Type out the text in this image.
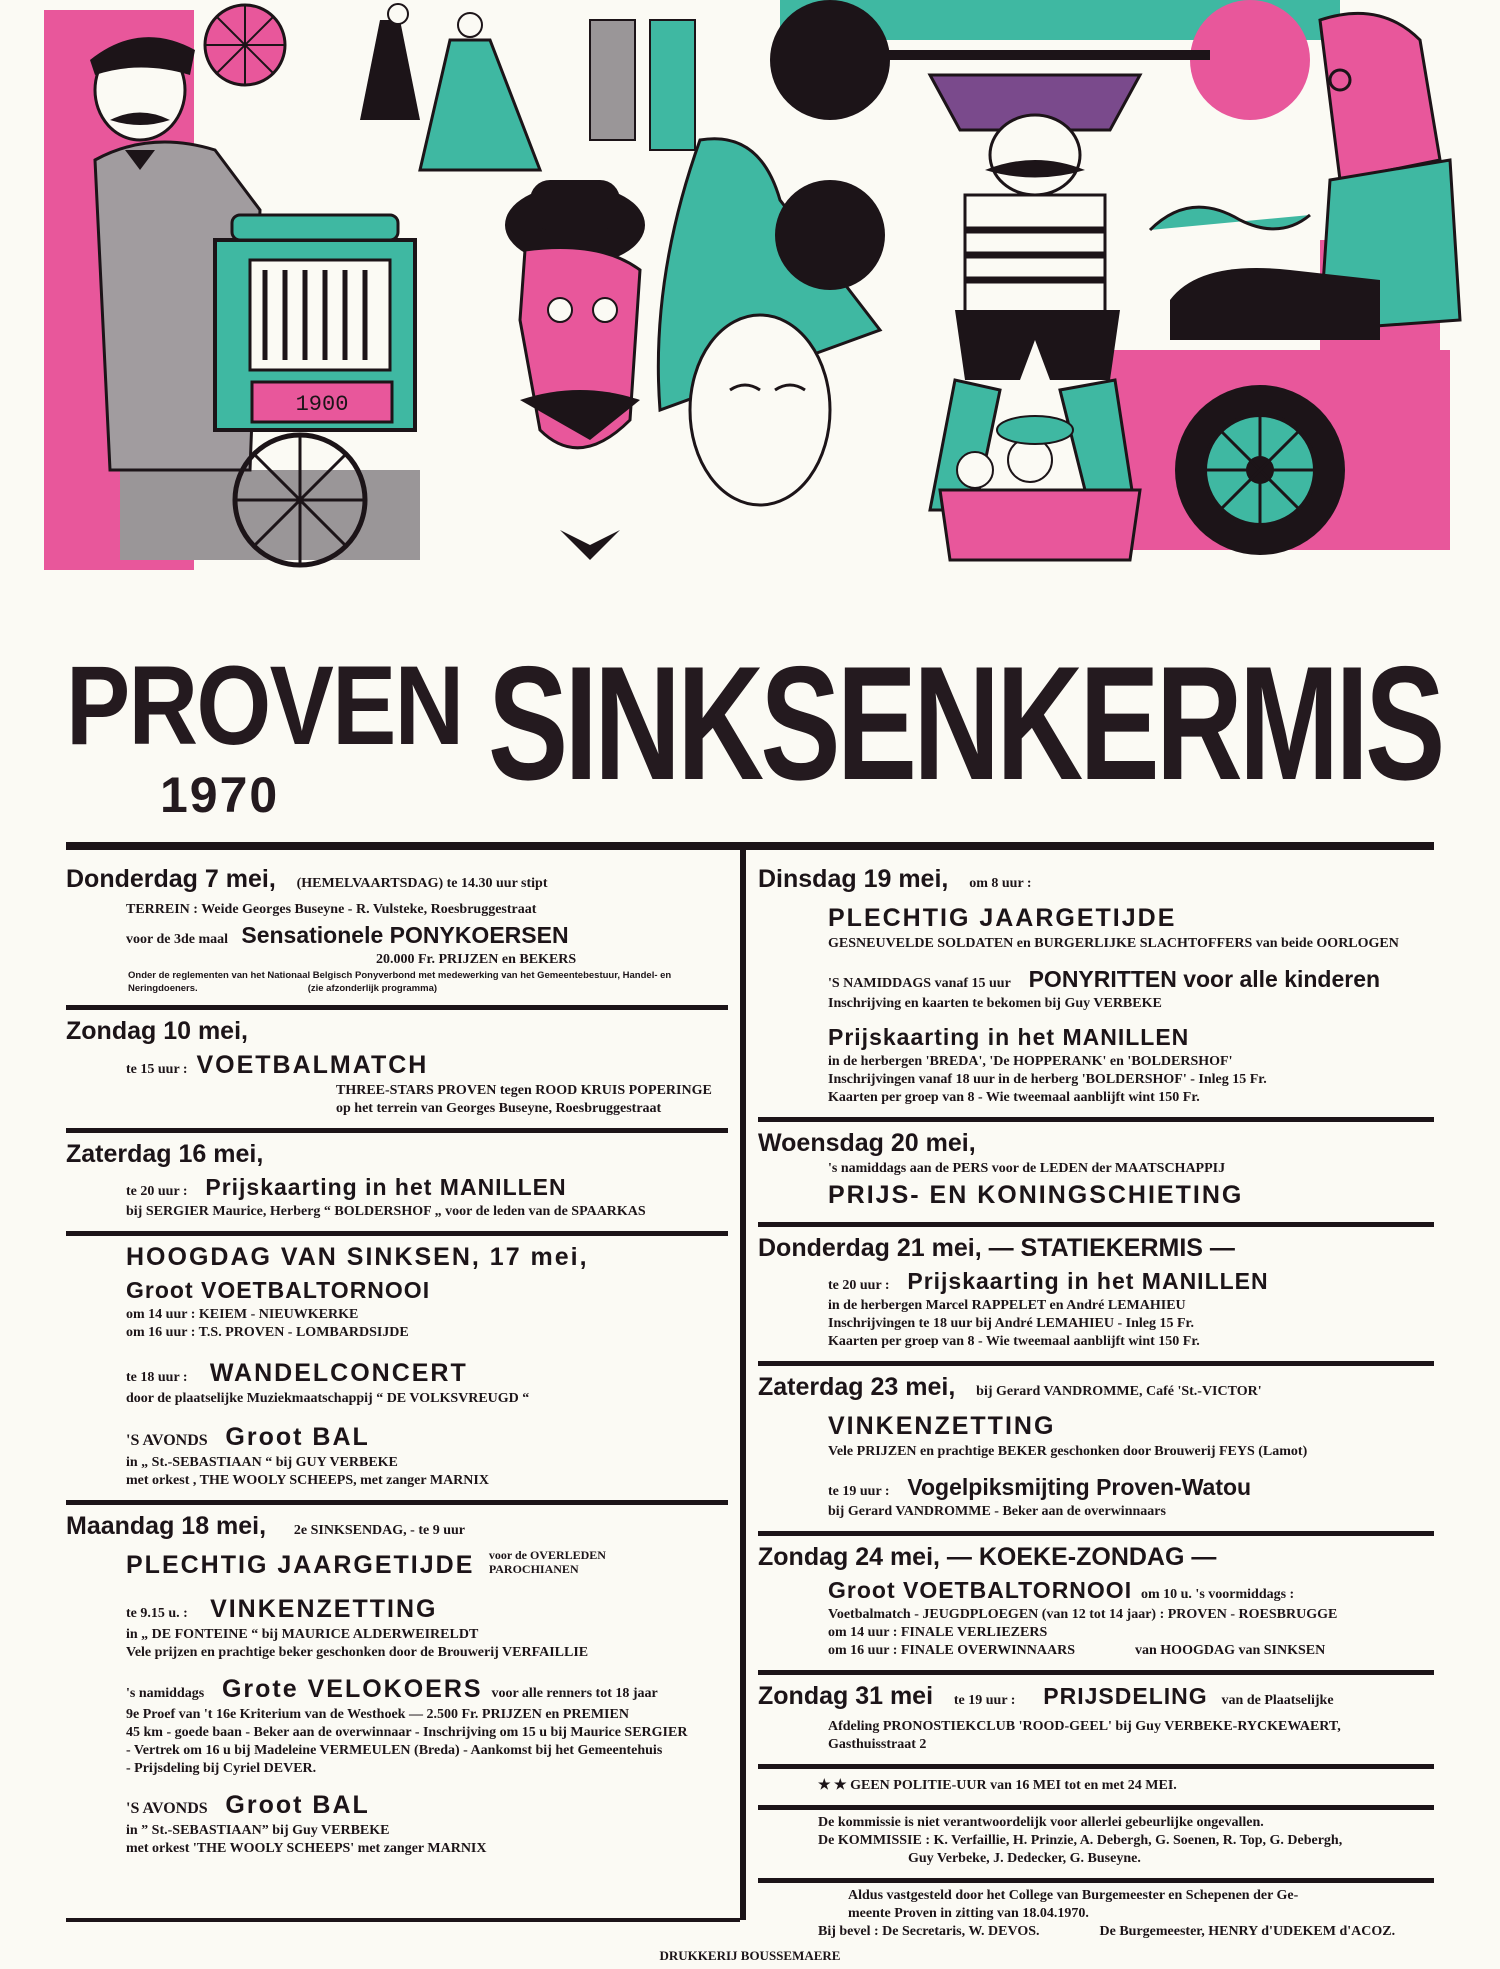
1900
PROVEN
1970 SINKSENKERMIS
Donderdag 7 mei, (HEMELVAARTSDAG) te 14.30 uur stipt
TERREIN : Weide Georges Buseyne - R. Vulsteke, Roesbruggestraat
voor de 3de maal Sensationele PONYKOERSEN
20.000 Fr. PRIJZEN en BEKERS
Onder de reglementen van het Nationaal Belgisch Ponyverbond met medewerking van het Gemeentebestuur, Handel- en
Neringdoeners.	(zie afzonderlijk programma)
Zondag 10 mei,
te 15 uur : VOETBALMATCH
THREE-STARS PROVEN tegen ROOD KRUIS POPERINGE
op het terrein van Georges Buseyne, Roesbruggestraat
Zaterdag 16 mei,
te 20 uur : Prijskaarting in het MANILLEN
bij SERGIER Maurice, Herberg “ BOLDERSHOF „ voor de leden van de SPAARKAS
HOOGDAG VAN SINKSEN, 17 mei,
Groot VOETBALTORNOOI
om 14 uur : KEIEM - NIEUWKERKE
om 16 uur : T.S. PROVEN - LOMBARDSIJDE
te 18 uur : WANDELCONCERT
door de plaatselijke Muziekmaatschappij “ DE VOLKSVREUGD “
'S AVONDS Groot BAL
in „ St.-SEBASTIAAN “ bij GUY VERBEKE
met orkest , THE WOOLY SCHEEPS, met zanger MARNIX
Maandag 18 mei, 2e SINKSENDAG, - te 9 uur
PLECHTIG JAARGETIJDE voor de OVERLEDEN
PAROCHIANEN
te 9.15 u. : VINKENZETTING
in „ DE FONTEINE “ bij MAURICE ALDERWEIRELDT
Vele prijzen en prachtige beker geschonken door de Brouwerij VERFAILLIE
's namiddags Grote VELOKOERS voor alle renners tot 18 jaar
9e Proef van 't 16e Kriterium van de Westhoek — 2.500 Fr. PRIJZEN en PREMIEN
45 km - goede baan - Beker aan de overwinnaar - Inschrijving om 15 u bij Maurice SERGIER
- Vertrek om 16 u bij Madeleine VERMEULEN (Breda) - Aankomst bij het Gemeentehuis
- Prijsdeling bij Cyriel DEVER.
'S AVONDS Groot BAL
in ” St.-SEBASTIAAN” bij Guy VERBEKE
met orkest 'THE WOOLY SCHEEPS' met zanger MARNIX
Dinsdag 19 mei, om 8 uur :
PLECHTIG JAARGETIJDE
GESNEUVELDE SOLDATEN en BURGERLIJKE SLACHTOFFERS van beide OORLOGEN
'S NAMIDDAGS vanaf 15 uur PONYRITTEN voor alle kinderen
Inschrijving en kaarten te bekomen bij Guy VERBEKE
Prijskaarting in het MANILLEN
in de herbergen 'BREDA', 'De HOPPERANK' en 'BOLDERSHOF'
Inschrijvingen vanaf 18 uur in de herberg 'BOLDERSHOF' - Inleg 15 Fr.
Kaarten per groep van 8 - Wie tweemaal aanblijft wint 150 Fr.
Woensdag 20 mei,
's namiddags aan de PERS voor de LEDEN der MAATSCHAPPIJ
PRIJS- EN KONINGSCHIETING
Donderdag 21 mei, — STATIEKERMIS —
te 20 uur : Prijskaarting in het MANILLEN
in de herbergen Marcel RAPPELET en André LEMAHIEU
Inschrijvingen te 18 uur bij André LEMAHIEU - Inleg 15 Fr.
Kaarten per groep van 8 - Wie tweemaal aanblijft wint 150 Fr.
Zaterdag 23 mei, bij Gerard VANDROMME, Café 'St.-VICTOR'
VINKENZETTING
Vele PRIJZEN en prachtige BEKER geschonken door Brouwerij FEYS (Lamot)
te 19 uur : Vogelpiksmijting Proven-Watou
bij Gerard VANDROMME - Beker aan de overwinnaars
Zondag 24 mei, — KOEKE-ZONDAG —
Groot VOETBALTORNOOI om 10 u. 's voormiddags :
Voetbalmatch - JEUGDPLOEGEN (van 12 tot 14 jaar) : PROVEN - ROESBRUGGE
om 14 uur : FINALE VERLIEZERS
om 16 uur : FINALE OVERWINNAARS	van HOOGDAG van SINKSEN
Zondag 31 mei te 19 uur : PRIJSDELING van de Plaatselijke
Afdeling PRONOSTIEKCLUB 'ROOD-GEEL' bij Guy VERBEKE-RYCKEWAERT,
Gasthuisstraat 2
★ ★ GEEN POLITIE-UUR van 16 MEI tot en met 24 MEI.
De kommissie is niet verantwoordelijk voor allerlei gebeurlijke ongevallen.
De KOMMISSIE : K. Verfaillie, H. Prinzie, A. Debergh, G. Soenen, R. Top, G. Debergh,
Guy Verbeke, J. Dedecker, G. Buseyne.
Aldus vastgesteld door het College van Burgemeester en Schepenen der Ge-
meente Proven in zitting van 18.04.1970.
Bij bevel : De Secretaris, W. DEVOS.	De Burgemeester, HENRY d'UDEKEM d'ACOZ.
DRUKKERIJ BOUSSEMAERE
